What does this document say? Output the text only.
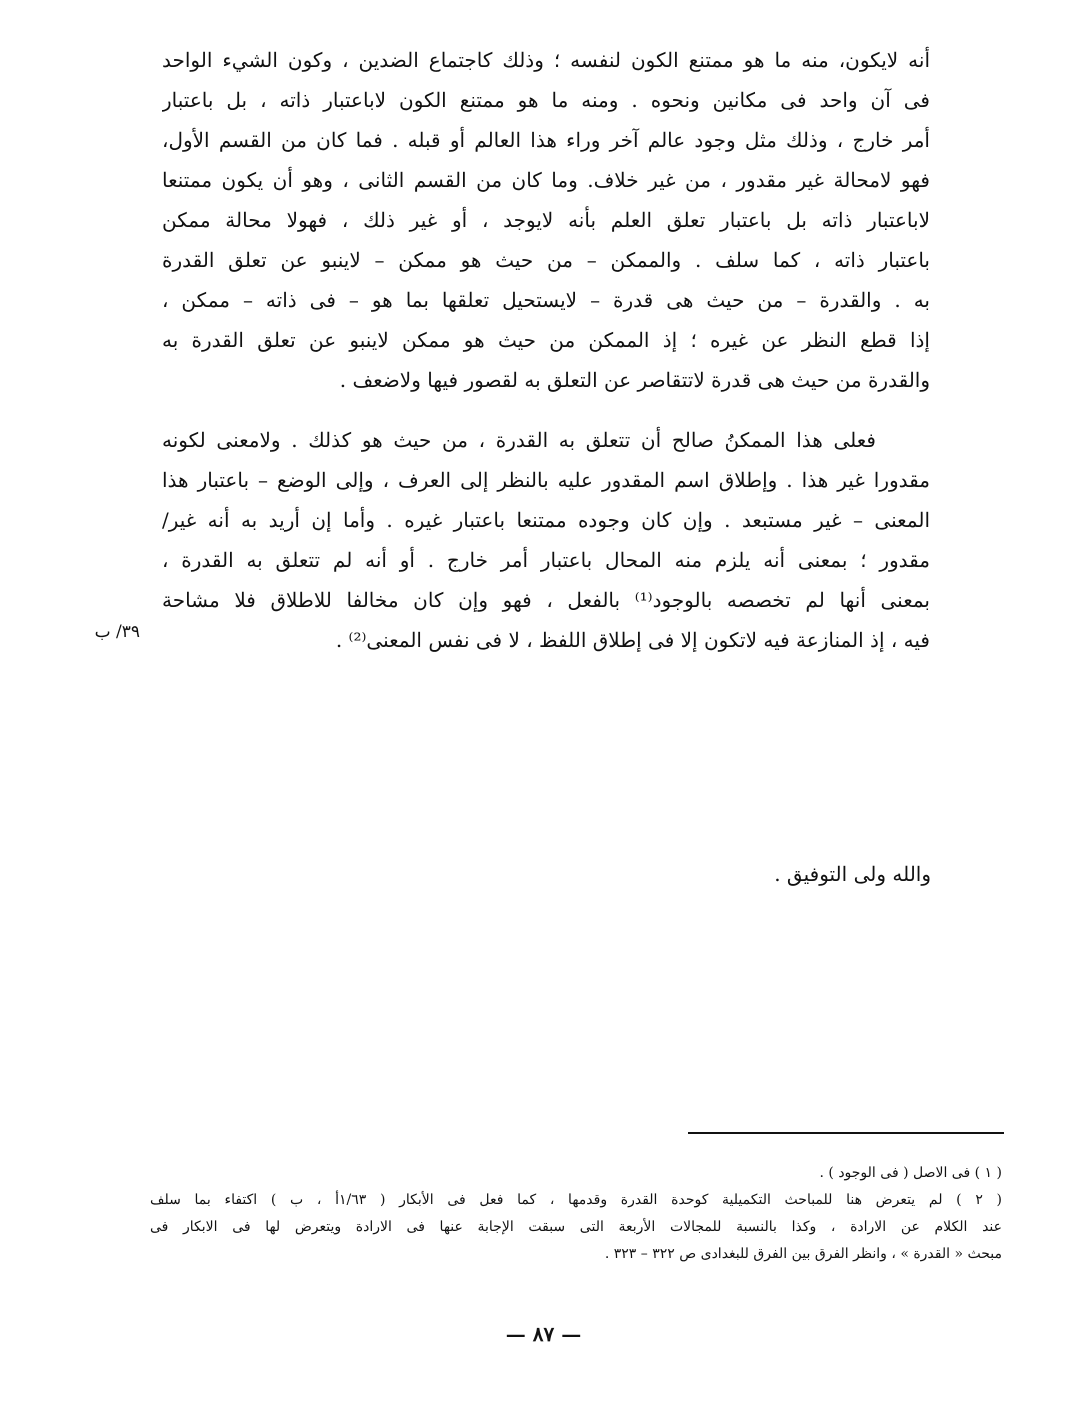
أنه لايكون، منه ما هو ممتنع الكون لنفسه ؛ وذلك كاجتماع الضدين ، وكون الشيء الواحد
فى آن واحد فى مكانين ونحوه . ومنه ما هو ممتنع الكون لاباعتبار ذاته ، بل باعتبار
أمر خارج ، وذلك مثل وجود عالم آخر وراء هذا العالم أو قبله . فما كان من القسم الأول،
فهو لامحالة غير مقدور ، من غير خلاف. وما كان من القسم الثانى ، وهو أن يكون ممتنعا
لاباعتبار ذاته بل باعتبار تعلق العلم بأنه لايوجد ، أو غير ذلك ، فهولا محالة ممكن
باعتبار ذاته ، كما سلف . والممكن – من حيث هو ممكن – لاينبو عن تعلق القدرة
به . والقدرة – من حيث هى قدرة – لايستحيل تعلقها بما هو – فى ذاته – ممكن ،
إذا قطع النظر عن غيره ؛ إذ الممكن من حيث هو ممكن لاينبو عن تعلق القدرة به
والقدرة من حيث هى قدرة لاتتقاصر عن التعلق به لقصور فيها ولاضعف .
فعلى هذا الممكنُ صالح أن تتعلق به القدرة ، من حيث هو كذلك . ولامعنى لكونه
مقدورا غير هذا . وإطلاق اسم المقدور عليه بالنظر إلى العرف ، وإلى الوضع – باعتبار هذا
المعنى – غير مستبعد . وإن كان وجوده ممتنعا باعتبار غيره . وأما إن أريد به أنه غير/
مقدور ؛ بمعنى أنه يلزم منه المحال باعتبار أمر خارج . أو أنه لم تتعلق به القدرة ،
بمعنى أنها لم تخصصه بالوجود⁽¹⁾ بالفعل ، فهو وإن كان مخالفا للاطلاق فلا مشاحة
فيه ، إذ المنازعة فيه لاتكون إلا فى إطلاق اللفظ ، لا فى نفس المعنى⁽²⁾ .
٣٩/ ب
والله ولى التوفيق .
( ١ ) فى الاصل ( فى الوجود ) .
( ٢ ) لم يتعرض هنا للمباحث التكميلية كوحدة القدرة وقدمها ، كما فعل فى الأبكار ( ١/٦٣أ ، ب ) اكتفاء بما سلف
عند الكلام عن الارادة ، وكذا بالنسبة للمجالات الأربعة التى سبقت الإجابة عنها فى الارادة ويتعرض لها فى الابكار فى
مبحث « القدرة » ، وانظر الفرق بين الفرق للبغدادى ص ٣٢٢ – ٣٢٣ .
— ٨٧ —
